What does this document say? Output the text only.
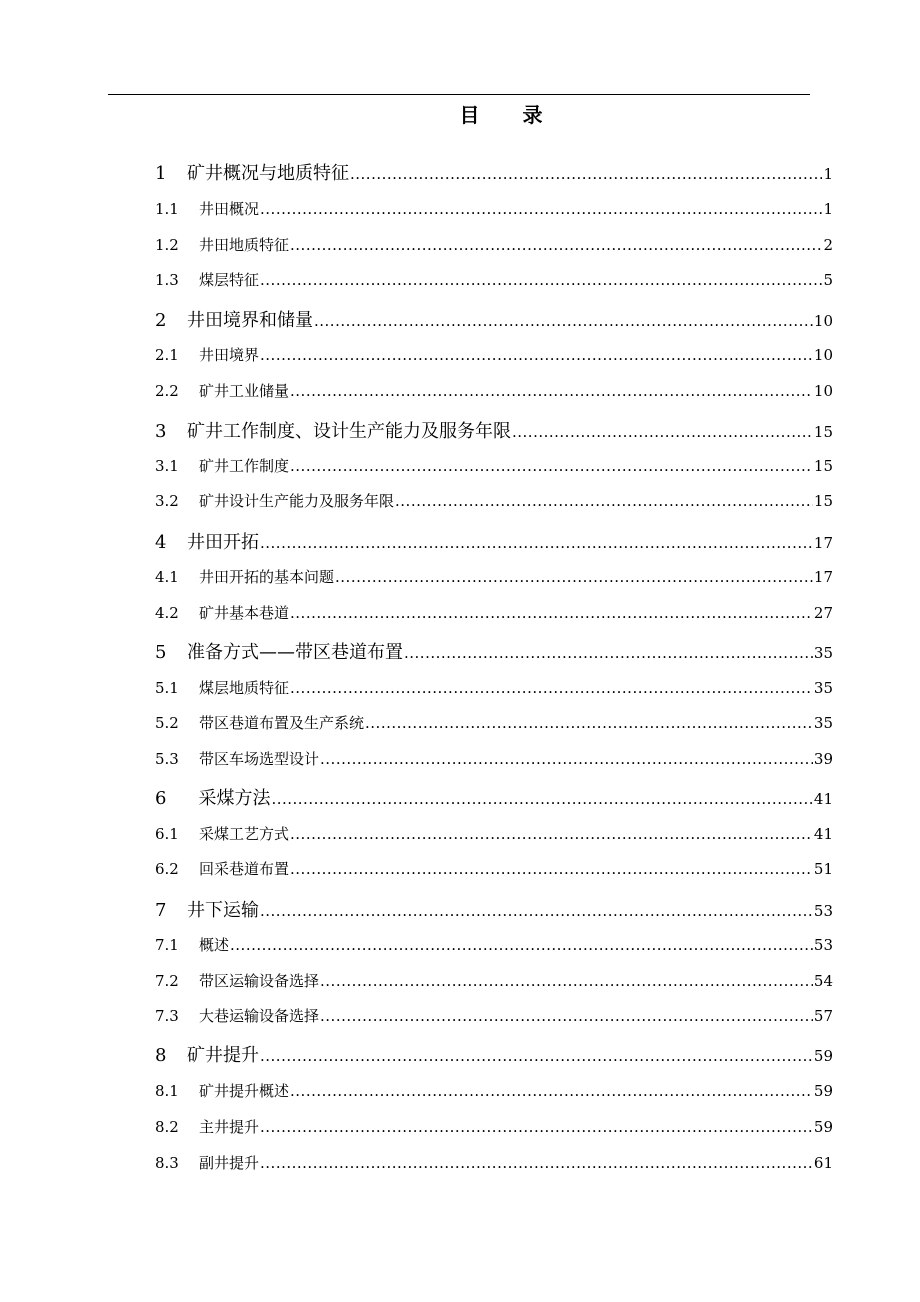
目 录
1	矿井概况与地质特征 .....	1
1.1	井田概况 .....	1
1.2	井田地质特征 .....	2
1.3	煤层特征 .....	5
2	井田境界和储量 .....	10
2.1	井田境界 .....	10
2.2	矿井工业储量 .....	10
3	矿井工作制度、设计生产能力及服务年限 .....	15
3.1	矿井工作制度 .....	15
3.2	矿井设计生产能力及服务年限 .....	15
4	井田开拓 .....	17
4.1	井田开拓的基本问题 .....	17
4.2	矿井基本巷道 .....	27
5	准备方式——带区巷道布置 .....	35
5.1	煤层地质特征 .....	35
5.2	带区巷道布置及生产系统 .....	35
5.3	带区车场选型设计 .....	39
6	采煤方法 .....	41
6.1	采煤工艺方式 .....	41
6.2	回采巷道布置 .....	51
7	井下运输 .....	53
7.1	概述 .....	53
7.2	带区运输设备选择 .....	54
7.3	大巷运输设备选择 .....	57
8	矿井提升 .....	59
8.1	矿井提升概述 .....	59
8.2	主井提升 .....	59
8.3	副井提升 .....	61
